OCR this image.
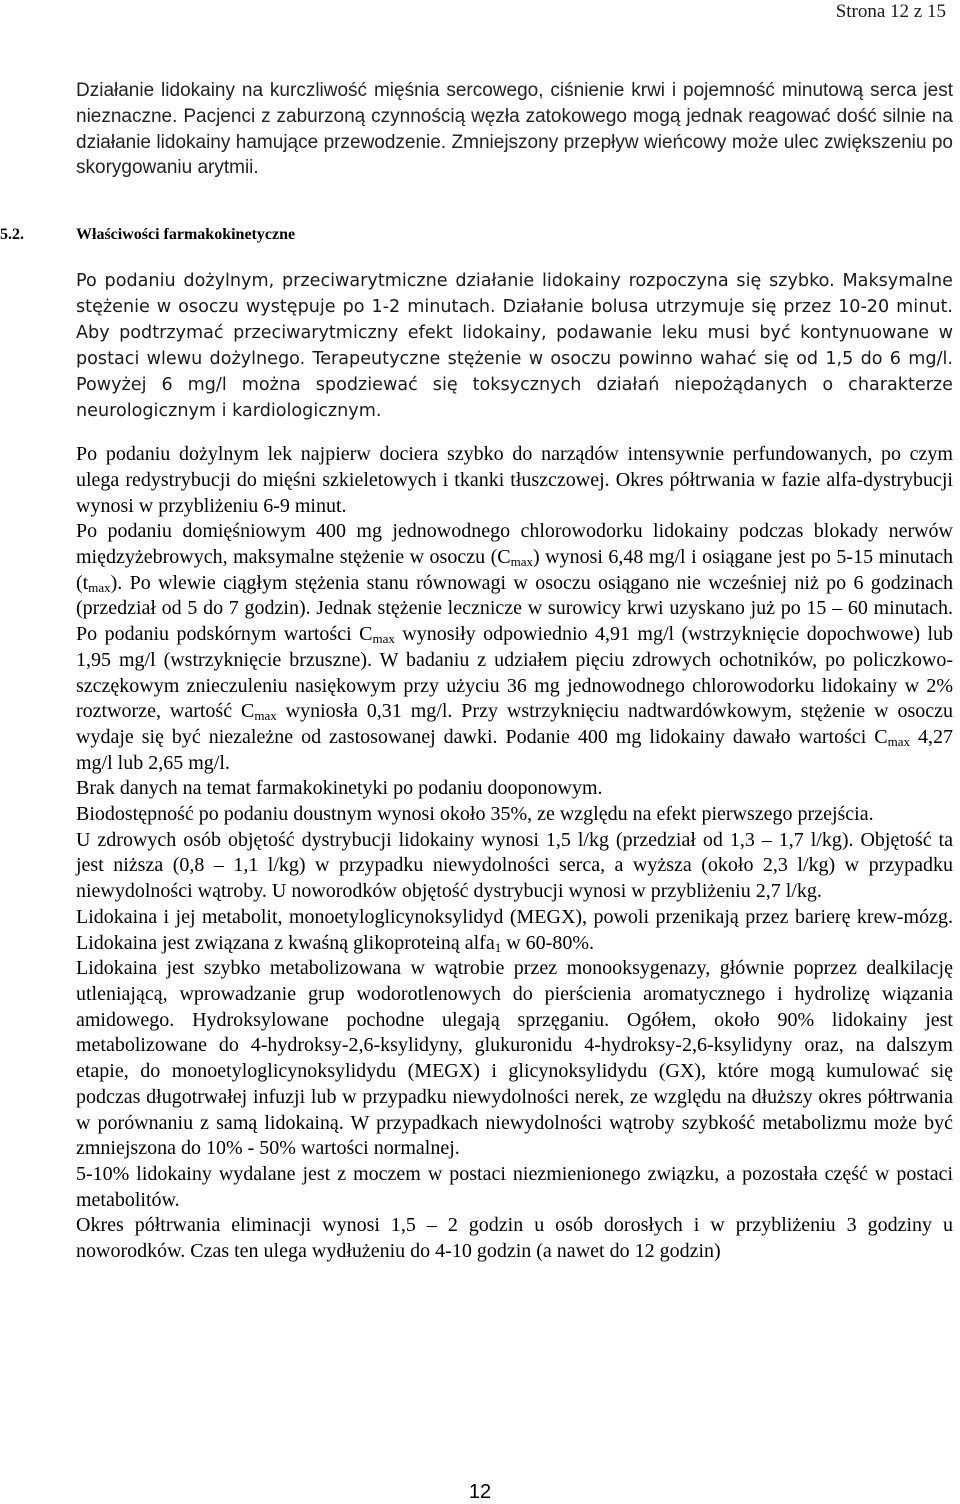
Strona 12 z 15

Działanie lidokainy na kurczliwość mięśnia sercowego, ciśnienie krwi i pojemność minutową serca jest nieznaczne. Pacjenci z zaburzoną czynnością węzła zatokowego mogą jednak reagować dość silnie na działanie lidokainy hamujące przewodzenie. Zmniejszony przepływ wieńcowy może ulec zwiększeniu po skorygowaniu arytmii.

5.2.	Właściwości farmakokinetyczne

Po podaniu dożylnym, przeciwarytmiczne działanie lidokainy rozpoczyna się szybko. Maksymalne stężenie w osoczu występuje po 1-2 minutach. Działanie bolusa utrzymuje się przez 10-20 minut. Aby podtrzymać przeciwarytmiczny efekt lidokainy, podawanie leku musi być kontynuowane w postaci wlewu dożylnego. Terapeutyczne stężenie w osoczu powinno wahać się od 1,5 do 6 mg/l. Powyżej 6 mg/l można spodziewać się toksycznych działań niepożądanych o charakterze neurologicznym i kardiologicznym.

Po podaniu dożylnym lek najpierw dociera szybko do narządów intensywnie perfundowanych, po czym ulega redystrybucji do mięśni szkieletowych i tkanki tłuszczowej. Okres półtrwania w fazie alfa-dystrybucji wynosi w przybliżeniu 6-9 minut.

Po podaniu domięśniowym 400 mg jednowodnego chlorowodorku lidokainy podczas blokady nerwów międzyżebrowych, maksymalne stężenie w osoczu $(C_{max})$ wynosi 6,48 mg/l i osiągane jest po 5-15 minutach $(t_{max})$. Po wlewie ciągłym stężenia stanu równowagi w osoczu osiągano nie wcześniej niż po 6 godzinach (przedział od 5 do 7 godzin). Jednak stężenie lecznicze w surowicy krwi uzyskano już po 15 – 60 minutach. Po podaniu podskórnym wartości $C_{max}$ wynosiły odpowiednio 4,91 mg/l (wstrzyknięcie dopochwowe) lub 1,95 mg/l (wstrzyknięcie brzuszne). W badaniu z udziałem pięciu zdrowych ochotników, po policzkowo-szczękowym znieczuleniu nasiękowym przy użyciu 36 mg jednowodnego chlorowodorku lidokainy w 2% roztworze, wartość $C_{max}$ wyniosła 0,31 mg/l. Przy wstrzyknięciu nadtwardówkowym, stężenie w osoczu wydaje się być niezależne od zastosowanej dawki. Podanie 400 mg lidokainy dawało wartości $C_{max}$ 4,27 mg/l lub 2,65 mg/l.

Brak danych na temat farmakokinetyki po podaniu dooponowym.

Biodostępność po podaniu doustnym wynosi około 35%, ze względu na efekt pierwszego przejścia.

U zdrowych osób objętość dystrybucji lidokainy wynosi 1,5 l/kg (przedział od 1,3 – 1,7 l/kg). Objętość ta jest niższa (0,8 – 1,1 l/kg) w przypadku niewydolności serca, a wyższa (około 2,3 l/kg) w przypadku niewydolności wątroby. U noworodków objętość dystrybucji wynosi w przybliżeniu 2,7 l/kg.

Lidokaina i jej metabolit, monoetyloglicynoksylidyd (MEGX), powoli przenikają przez barierę krew-mózg. Lidokaina jest związana z kwaśną glikoproteiną alfa$_1$ w 60-80%.

Lidokaina jest szybko metabolizowana w wątrobie przez monooksygenazy, głównie poprzez dealkilację utleniającą, wprowadzanie grup wodorotlenowych do pierścienia aromatycznego i hydrolizę wiązania amidowego. Hydroksylowane pochodne ulegają sprzęganiu. Ogółem, około 90% lidokainy jest metabolizowane do 4-hydroksy-2,6-ksylidyny, glukuronidu 4-hydroksy-2,6-ksylidyny oraz, na dalszym etapie, do monoetyloglicynoksylidydu (MEGX) i glicynoksylidydu (GX), które mogą kumulować się podczas długotrwałej infuzji lub w przypadku niewydolności nerek, ze względu na dłuższy okres półtrwania w porównaniu z samą lidokainą. W przypadkach niewydolności wątroby szybkość metabolizmu może być zmniejszona do 10% - 50% wartości normalnej.

5-10% lidokainy wydalane jest z moczem w postaci niezmienionego związku, a pozostała część w postaci metabolitów.

Okres półtrwania eliminacji wynosi 1,5 – 2 godzin u osób dorosłych i w przybliżeniu 3 godziny u noworodków. Czas ten ulega wydłużeniu do 4-10 godzin (a nawet do 12 godzin)

12
